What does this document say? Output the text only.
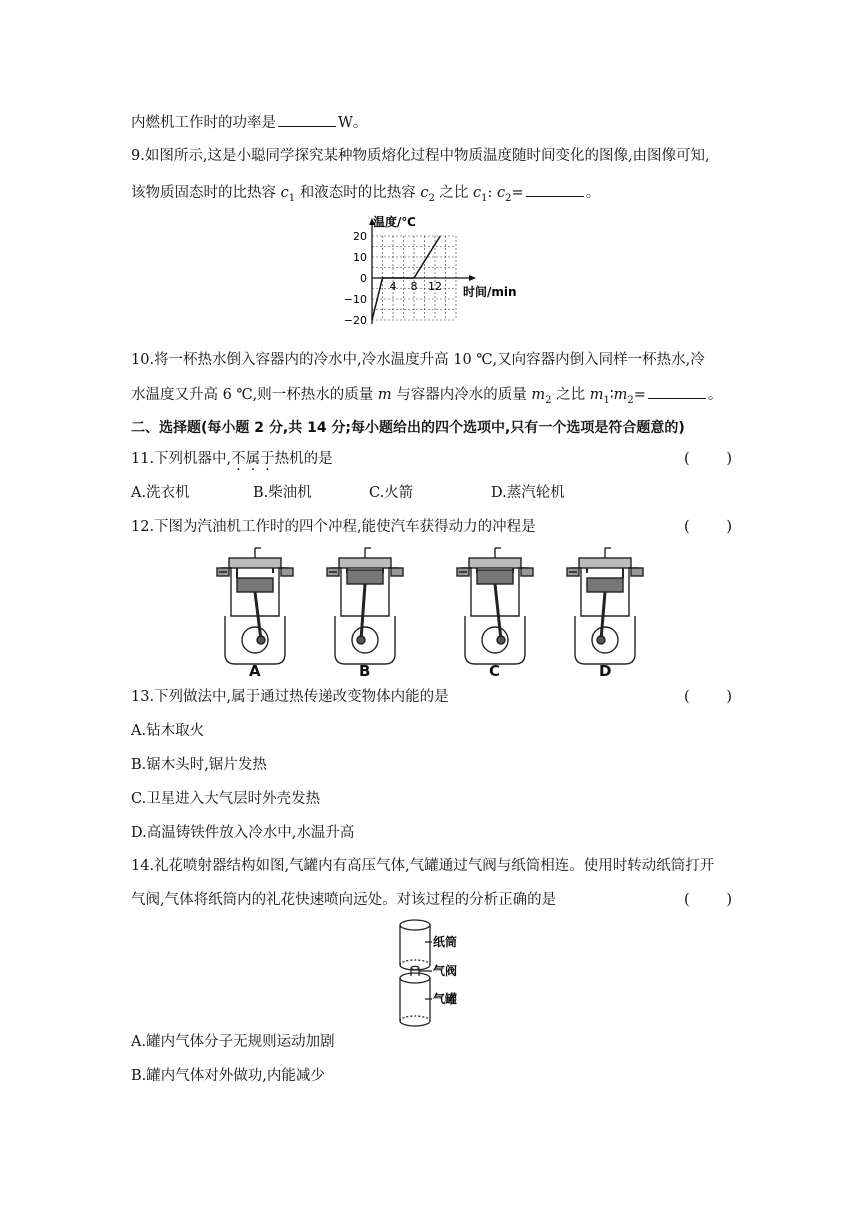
内燃机工作时的功率是	W。
9.如图所示,这是小聪同学探究某种物质熔化过程中物质温度随时间变化的图像,由图像可知,
该物质固态时的比热容 $c_1$ 和液态时的比热容 $c_2$ 之比 $c_1$: $c_2=$	。
20
10
0
−10
−20
4 8 12
温度/℃
时间/min
10.将一杯热水倒入容器内的冷水中,冷水温度升高 10 ℃,又向容器内倒入同样一杯热水,冷
水温度又升高 6 ℃,则一杯热水的质量 m 与容器内冷水的质量 $m_2$ 之比 $m_1∶m_2=$	。
二、选择题(每小题 2 分,共 14 分;每小题给出的四个选项中,只有一个选项是符合题意的)
11.下列机器中,不属于热机的是	(	)
A.洗衣机	B.柴油机	C.火箭	D.蒸汽轮机
12.下图为汽油机工作时的四个冲程,能使汽车获得动力的冲程是	(	)
A	B	C	D
13.下列做法中,属于通过热传递改变物体内能的是	(	)
A.钻木取火
B.锯木头时,锯片发热
C.卫星进入大气层时外壳发热
D.高温铸铁件放入冷水中,水温升高
14.礼花喷射器结构如图,气罐内有高压气体,气罐通过气阀与纸筒相连。使用时转动纸筒打开
气阀,气体将纸筒内的礼花快速喷向远处。对该过程的分析正确的是	(	)
纸筒
气阀
气罐
A.罐内气体分子无规则运动加剧
B.罐内气体对外做功,内能减少
